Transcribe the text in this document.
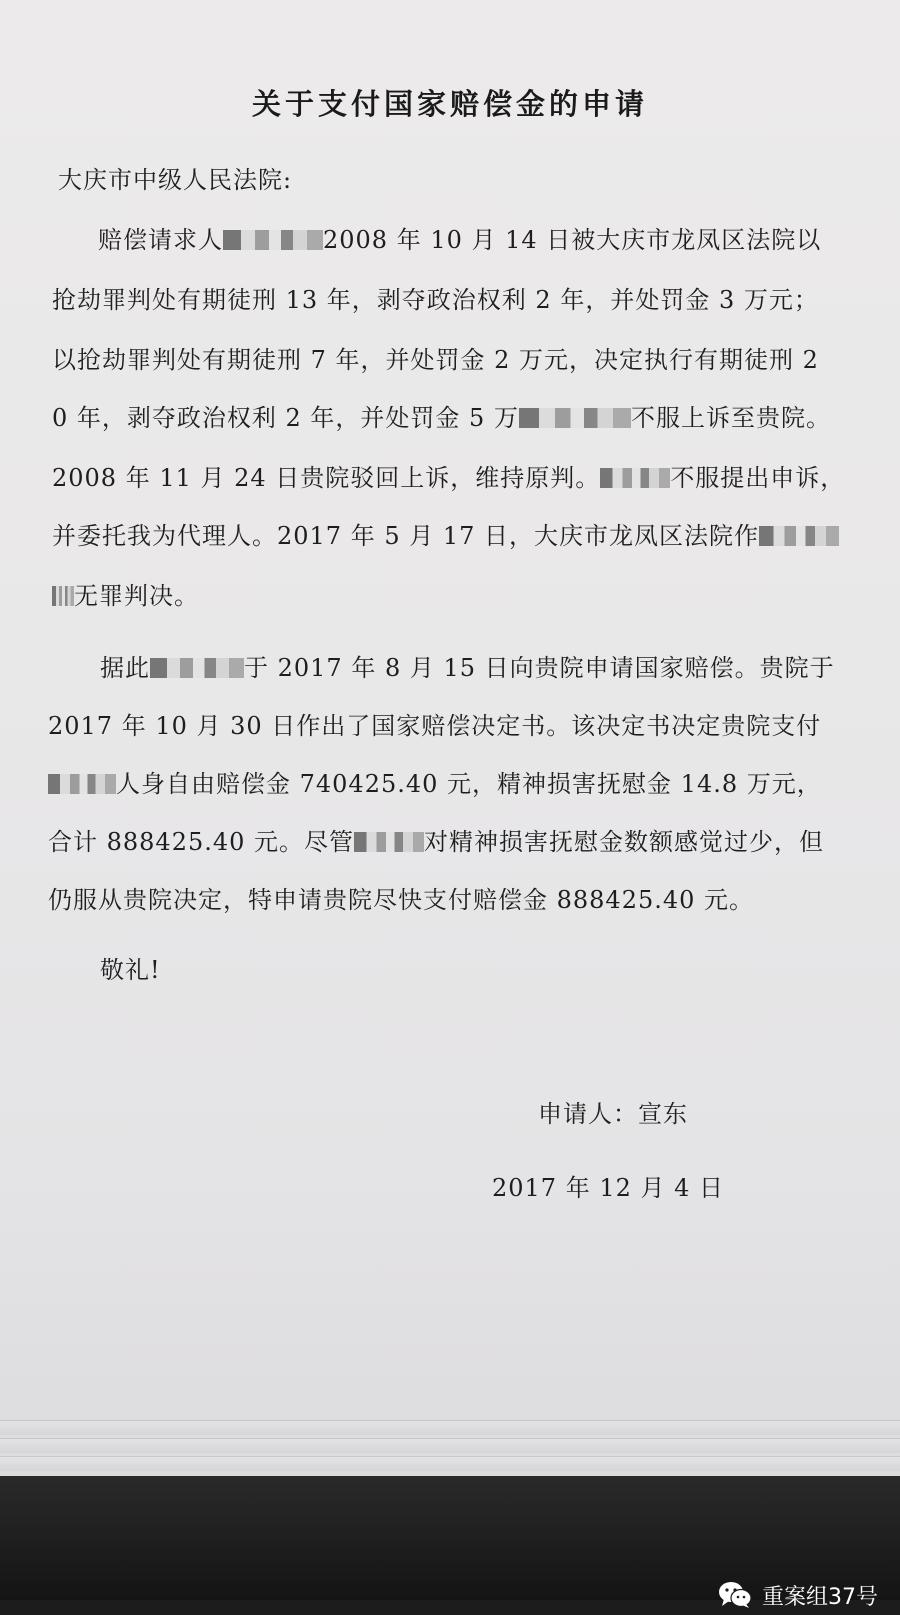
关于支付国家赔偿金的申请
大庆市中级人民法院:
赔偿请求人	2008 年 10 月 14 日被大庆市龙凤区法院以
抢劫罪判处有期徒刑 13 年，剥夺政治权利 2 年，并处罚金 3 万元；
以抢劫罪判处有期徒刑 7 年，并处罚金 2 万元，决定执行有期徒刑 2
0 年，剥夺政治权利 2 年，并处罚金 5 万	不服上诉至贵院。
2008 年 11 月 24 日贵院驳回上诉，维持原判。	不服提出申诉，
并委托我为代理人。2017 年 5 月 17 日，大庆市龙凤区法院作
无罪判决。
据此	于 2017 年 8 月 15 日向贵院申请国家赔偿。贵院于
2017 年 10 月 30 日作出了国家赔偿决定书。该决定书决定贵院支付
人身自由赔偿金 740425.40 元，精神损害抚慰金 14.8 万元，
合计 888425.40 元。尽管	对精神损害抚慰金数额感觉过少，但
仍服从贵院决定，特申请贵院尽快支付赔偿金 888425.40 元。
敬礼!
申请人：宣东
2017 年 12 月 4 日
重案组37号
